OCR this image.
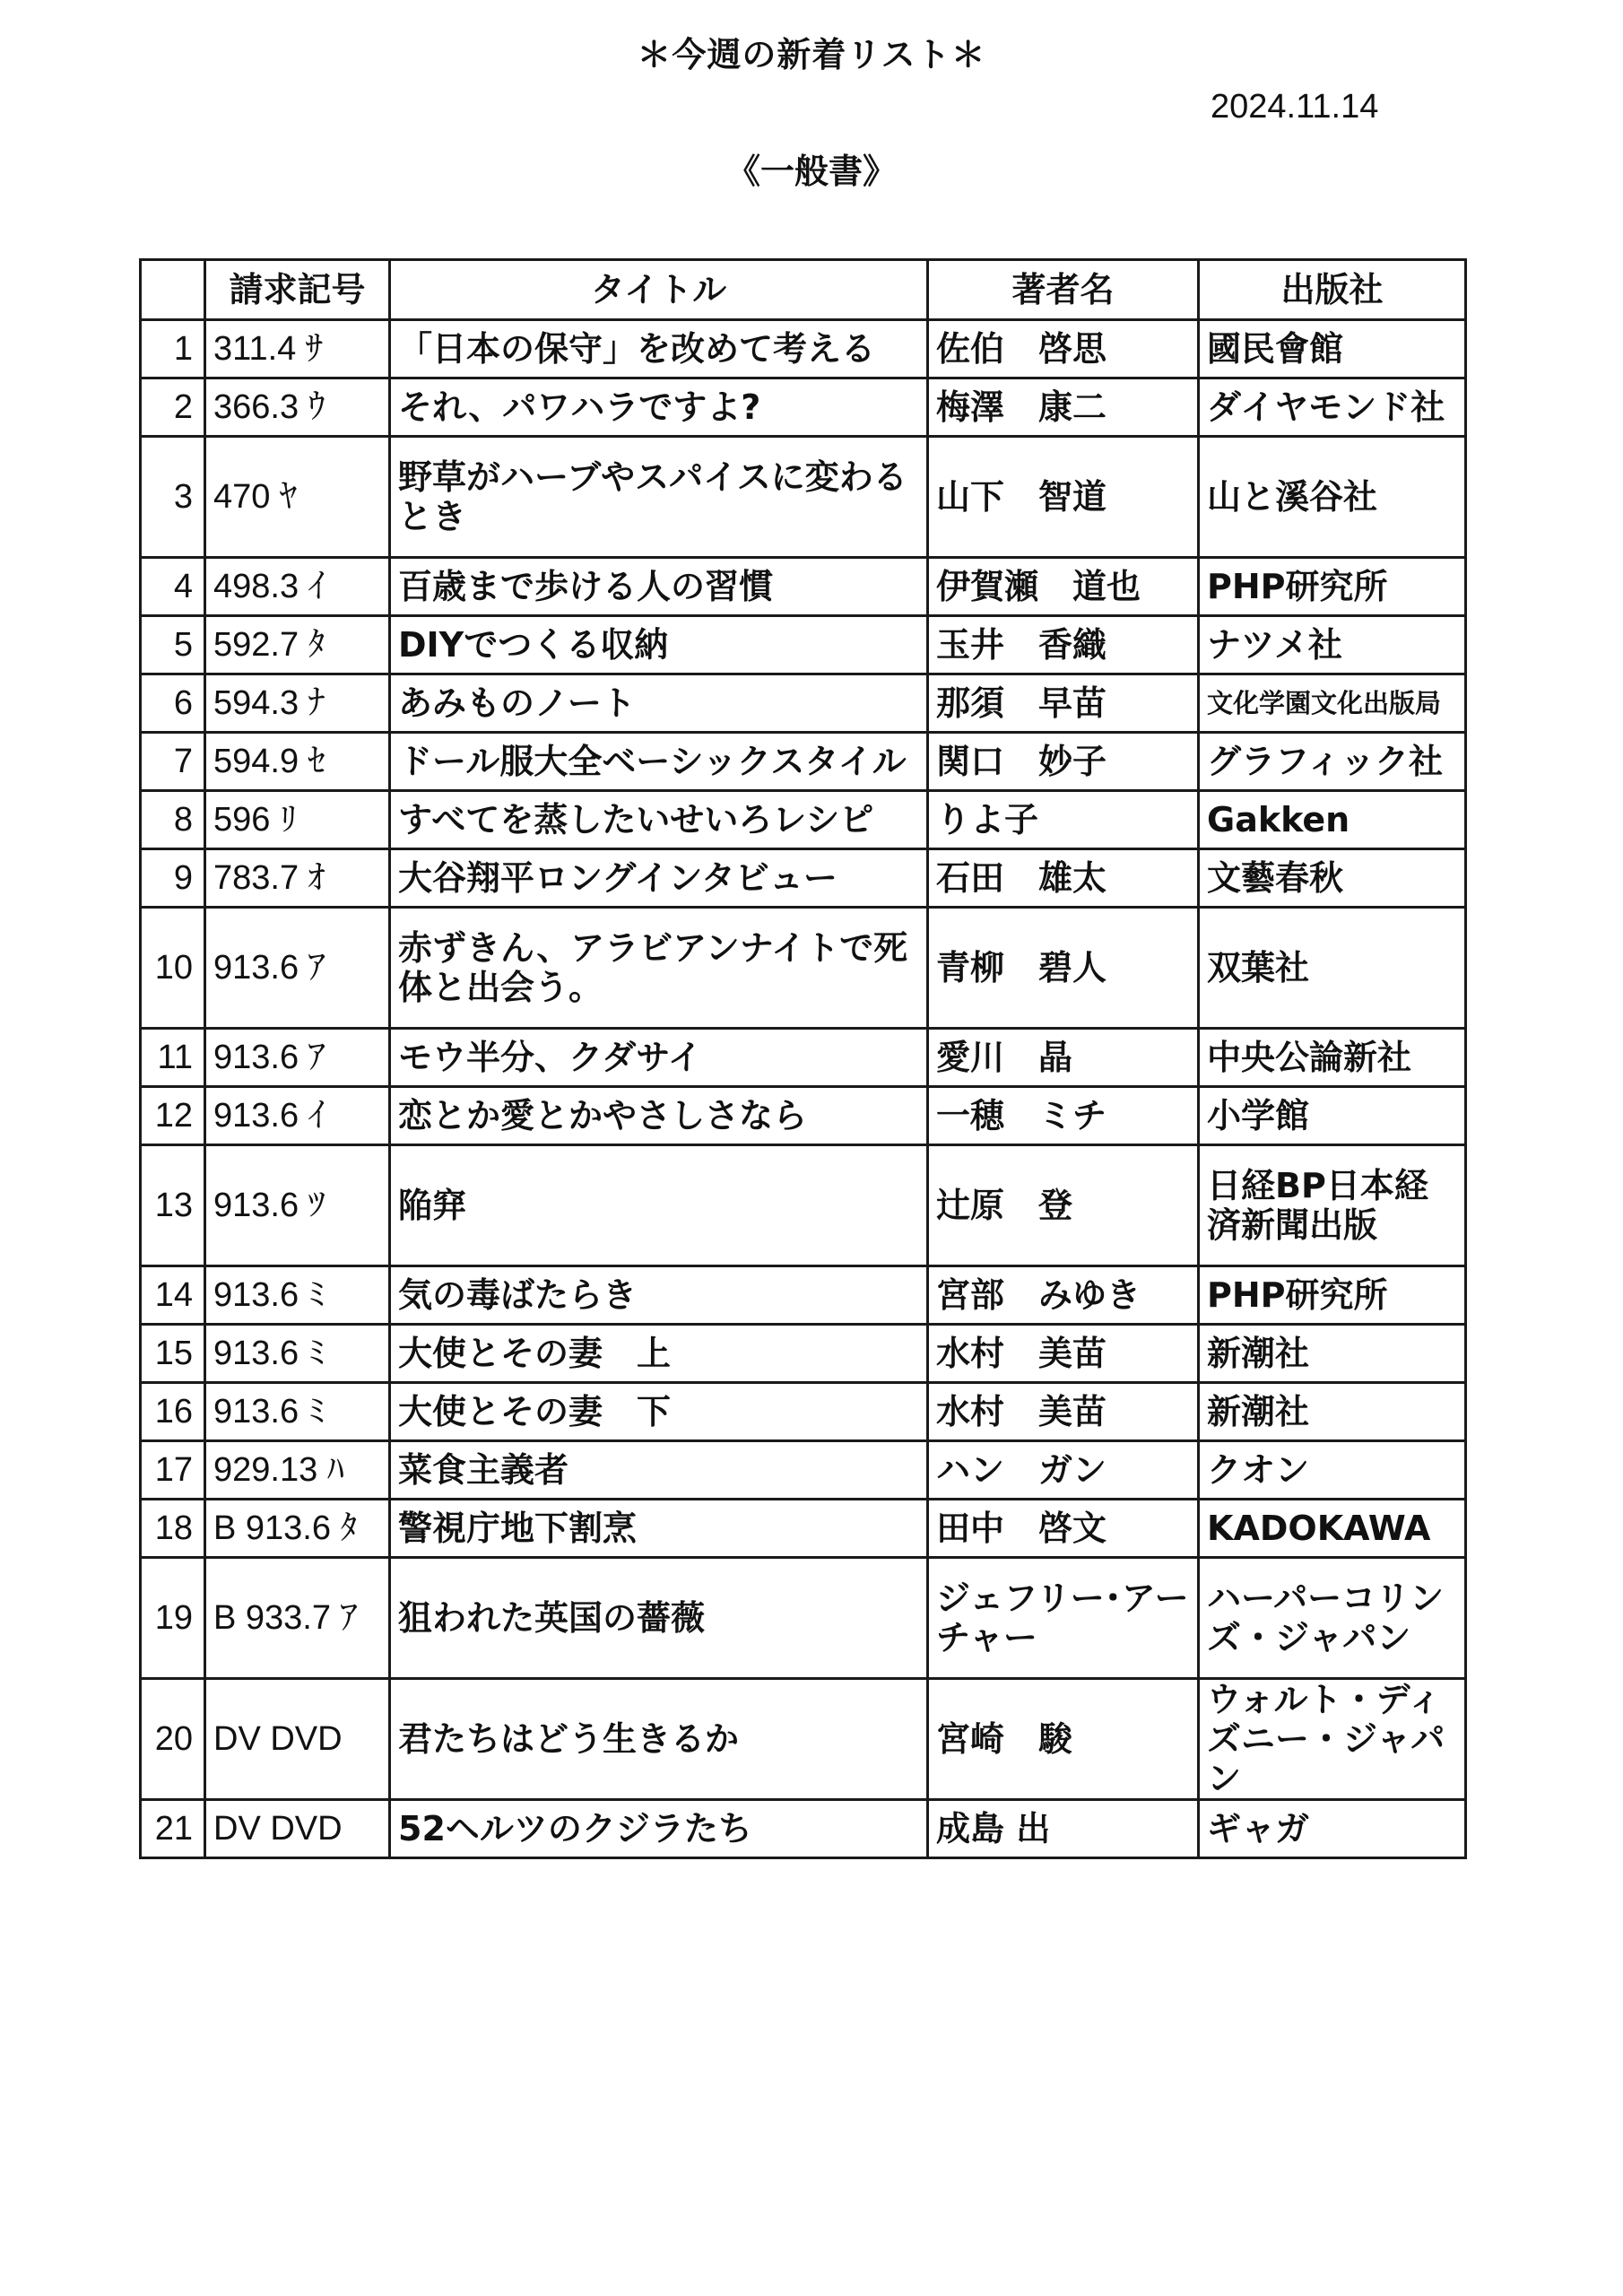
＊今週の新着リスト＊
2024.11.14
《一般書》
	請求記号	タイトル	著者名	出版社
1	311.4 ｻ	「日本の保守」を改めて考える	佐伯　啓思	國民會館
2	366.3 ｳ	それ、パワハラですよ?	梅澤　康二	ダイヤモンド社
3	470 ﾔ	野草がハーブやスパイスに変わるとき	山下　智道	山と溪谷社
4	498.3 ｲ	百歳まで歩ける人の習慣	伊賀瀬　道也	PHP研究所
5	592.7 ﾀ	DIYでつくる収納	玉井　香織	ナツメ社
6	594.3 ﾅ	あみものノート	那須　早苗	文化学園文化出版局
7	594.9 ｾ	ドール服大全ベーシックスタイル	関口　妙子	グラフィック社
8	596 ﾘ	すべてを蒸したいせいろレシピ	りよ子	Gakken
9	783.7 ｵ	大谷翔平ロングインタビュー	石田　雄太	文藝春秋
10	913.6 ｱ	赤ずきん、アラビアンナイトで死体と出会う。	青柳　碧人	双葉社
11	913.6 ｱ	モウ半分、クダサイ	愛川　晶	中央公論新社
12	913.6 ｲ	恋とか愛とかやさしさなら	一穂　ミチ	小学館
13	913.6 ﾂ	陥穽	辻原　登	日経BP日本経済新聞出版
14	913.6 ﾐ	気の毒ばたらき	宮部　みゆき	PHP研究所
15	913.6 ﾐ	大使とその妻　上	水村　美苗	新潮社
16	913.6 ﾐ	大使とその妻　下	水村　美苗	新潮社
17	929.13 ﾊ	菜食主義者	ハン　ガン	クオン
18	B 913.6 ﾀ	警視庁地下割烹	田中　啓文	KADOKAWA
19	B 933.7 ｱ	狙われた英国の薔薇	ジェフリー･アーチャー	ハーパーコリンズ・ジャパン
20	DV DVD	君たちはどう生きるか	宮崎　駿	ウォルト・ディズニー・ジャパン
21	DV DVD	52ヘルツのクジラたち	成島 出	ギャガ
